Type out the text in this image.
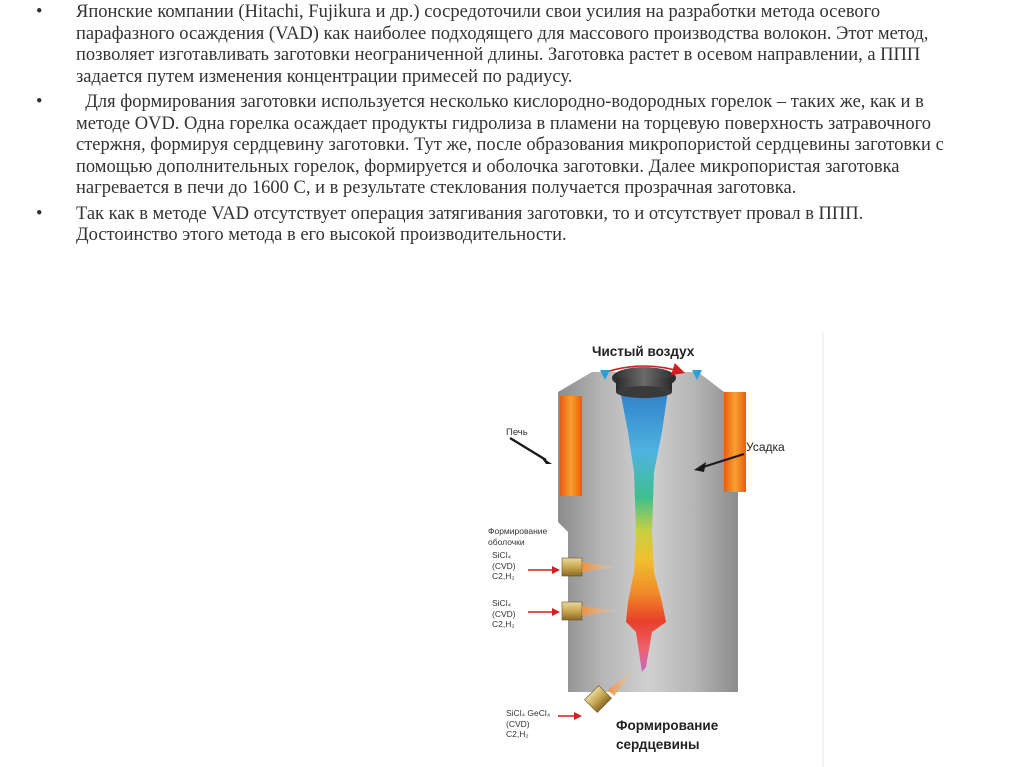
•	Японские компании (Hitachi, Fujikura и др.) сосредоточили свои усилия на разработки метода осевого парафазного осаждения (VAD) как наиболее подходящего для массового производства волокон. Этот метод, позволяет изготавливать заготовки неограниченной длины. Заготовка растет в осевом направлении, а ППП задается путем изменения концентрации примесей по радиусу.
•	Для формирования заготовки используется несколько кислородно-водородных горелок – таких же, как и в методе OVD. Одна горелка осаждает продукты гидролиза в пламени на торцевую поверхность затравочного стержня, формируя сердцевину заготовки. Тут же, после образования микропористой сердцевины заготовки с помощью дополнительных горелок, формируется и оболочка заготовки. Далее микропористая заготовка нагревается в печи до 1600 С, и в результате стеклования получается прозрачная заготовка.
•	Так как в методе VAD отсутствует операция затягивания заготовки, то и отсутствует провал в ППП. Достоинство этого метода в его высокой производительности.
Чистый воздух
Печь
Усадка
Формирование
оболочки
SiCl₄
(CVD)
C2,H₂
SiCl₄
(CVD)
C2,H₂
SiCl₄ GeCl₄
(CVD)
C2,H₂
Формирование
сердцевины
